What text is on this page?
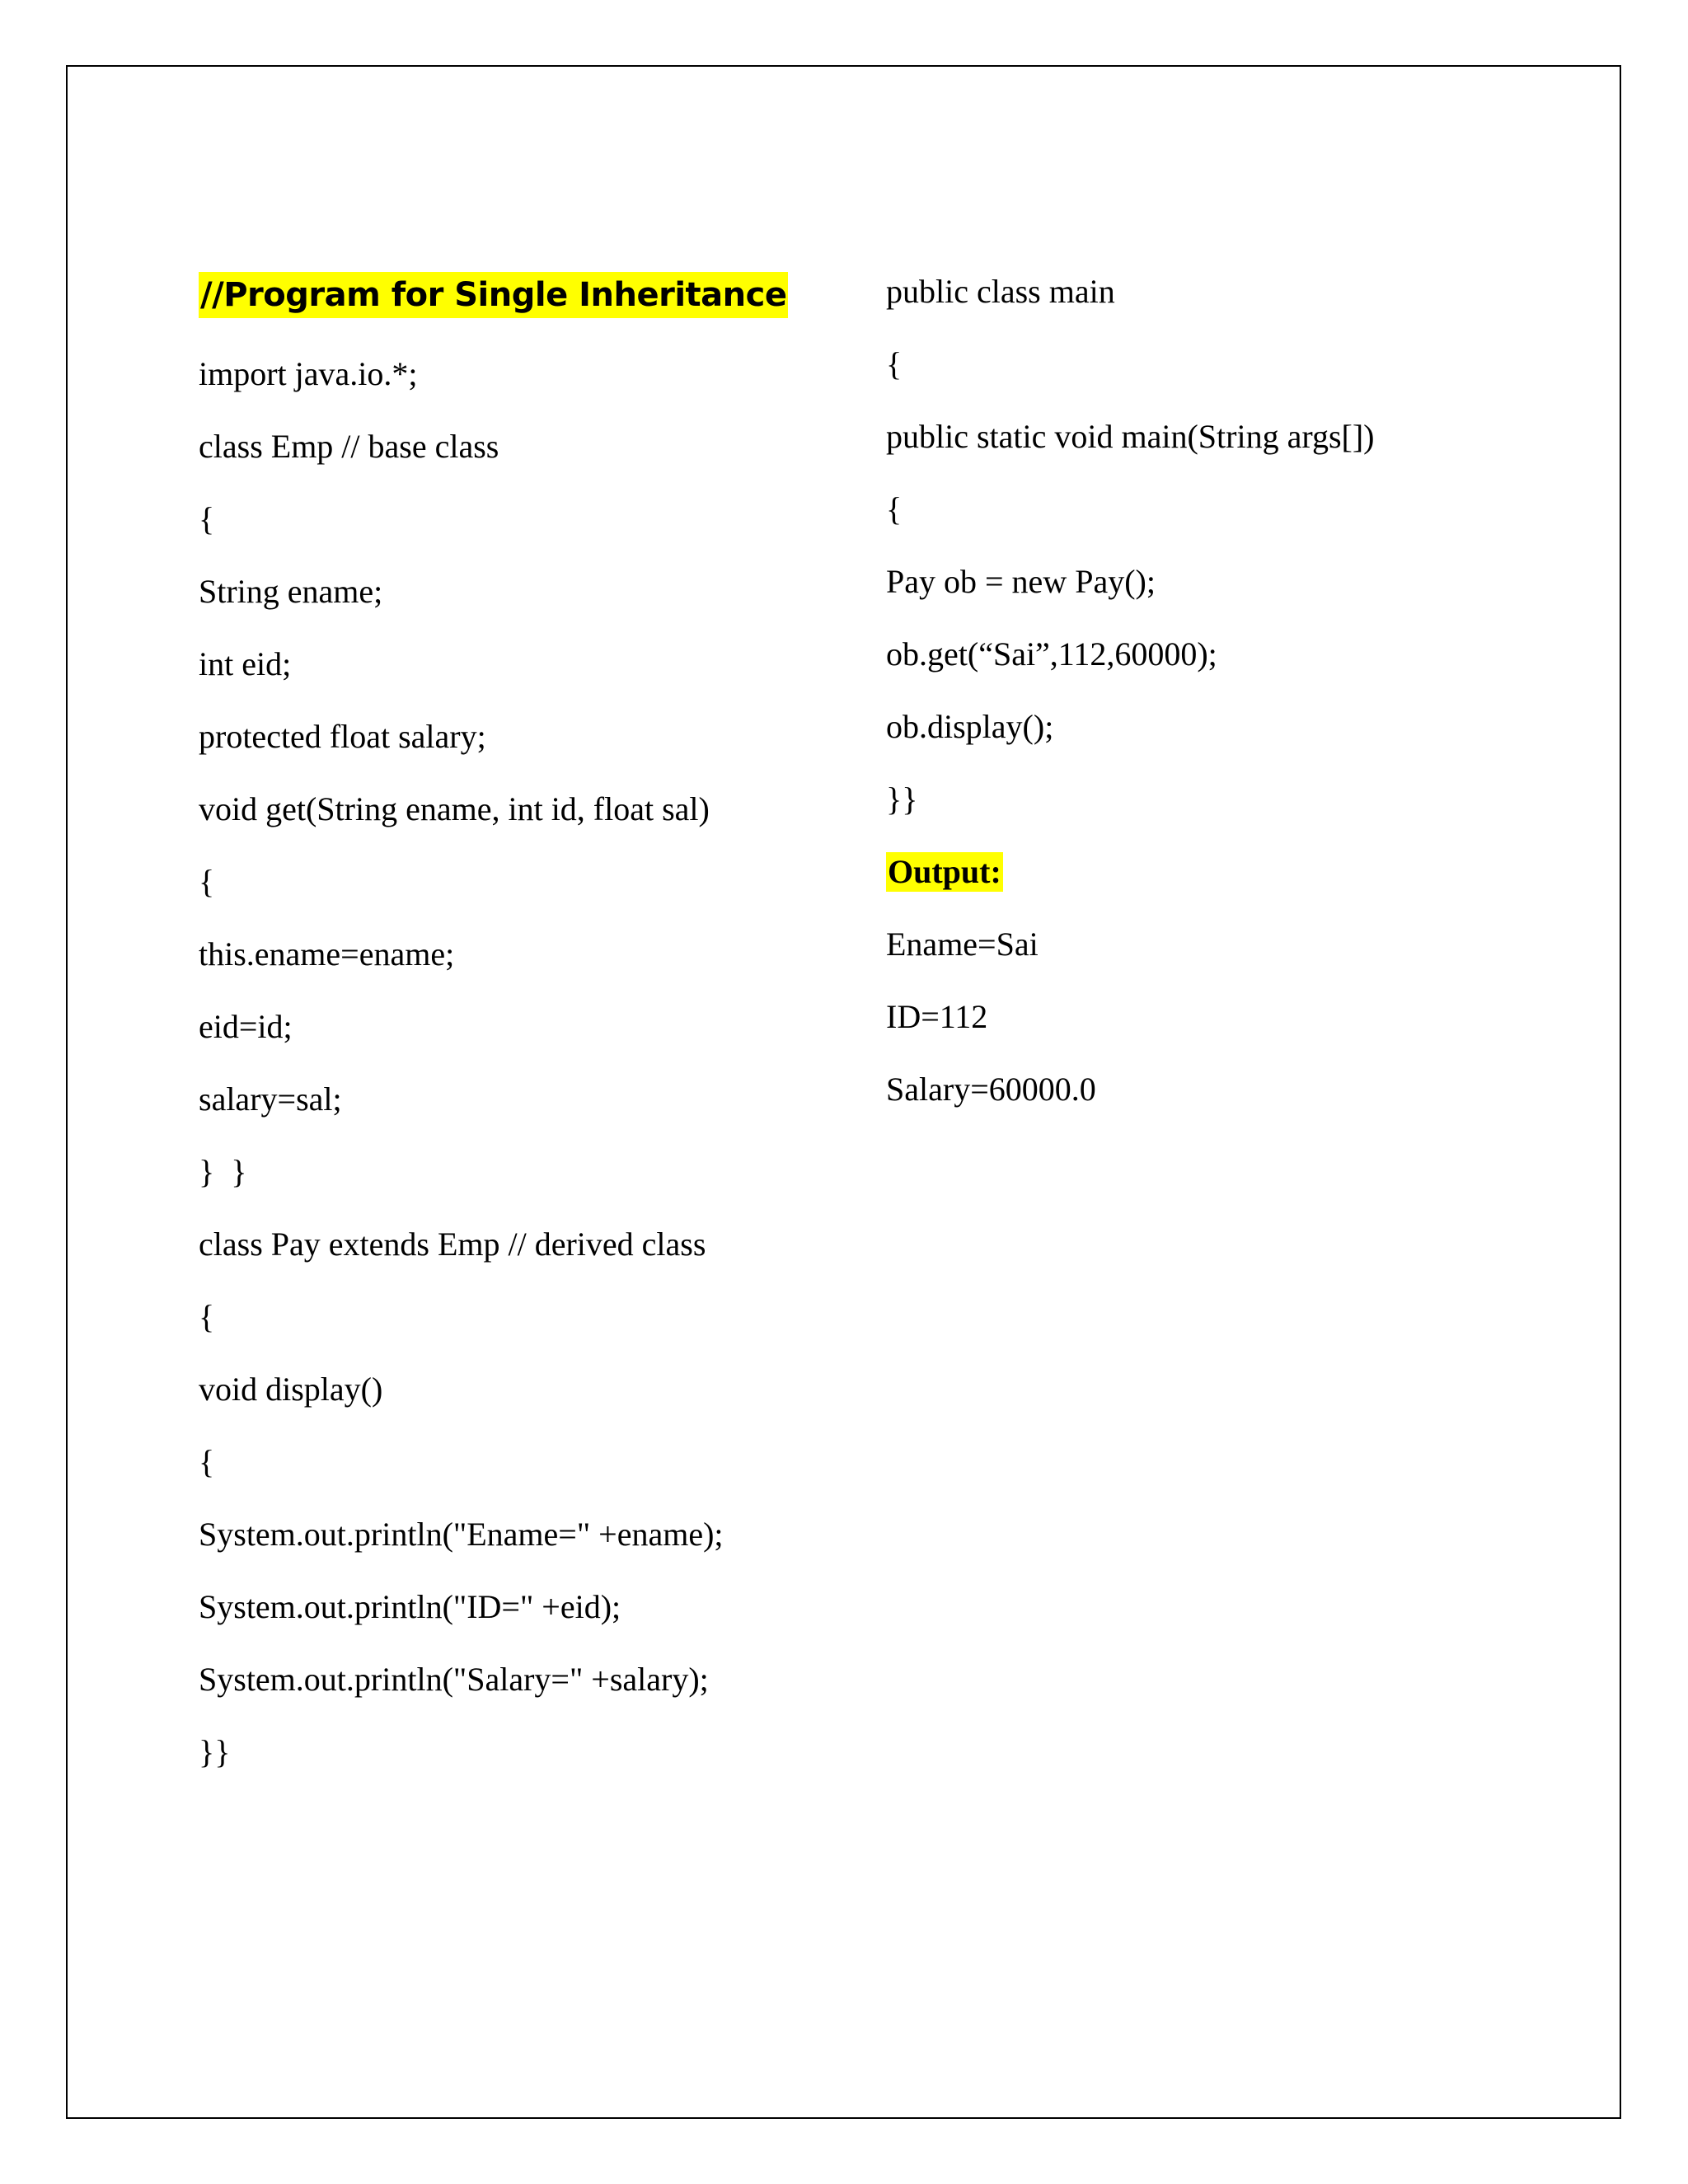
//Program for Single Inheritance
import java.io.*;
class Emp // base class
{
String ename;
int eid;
protected float salary;
void get(String ename, int id, float sal)
{
this.ename=ename;
eid=id;
salary=sal;
}  }
class Pay extends Emp // derived class
{
void display()
{
System.out.println("Ename=" +ename);
System.out.println("ID=" +eid);
System.out.println("Salary=" +salary);
}}
public class main
{
public static void main(String args[])
{
Pay ob = new Pay();
ob.get(“Sai”,112,60000);
ob.display();
}}
Output:
Ename=Sai
ID=112
Salary=60000.0
